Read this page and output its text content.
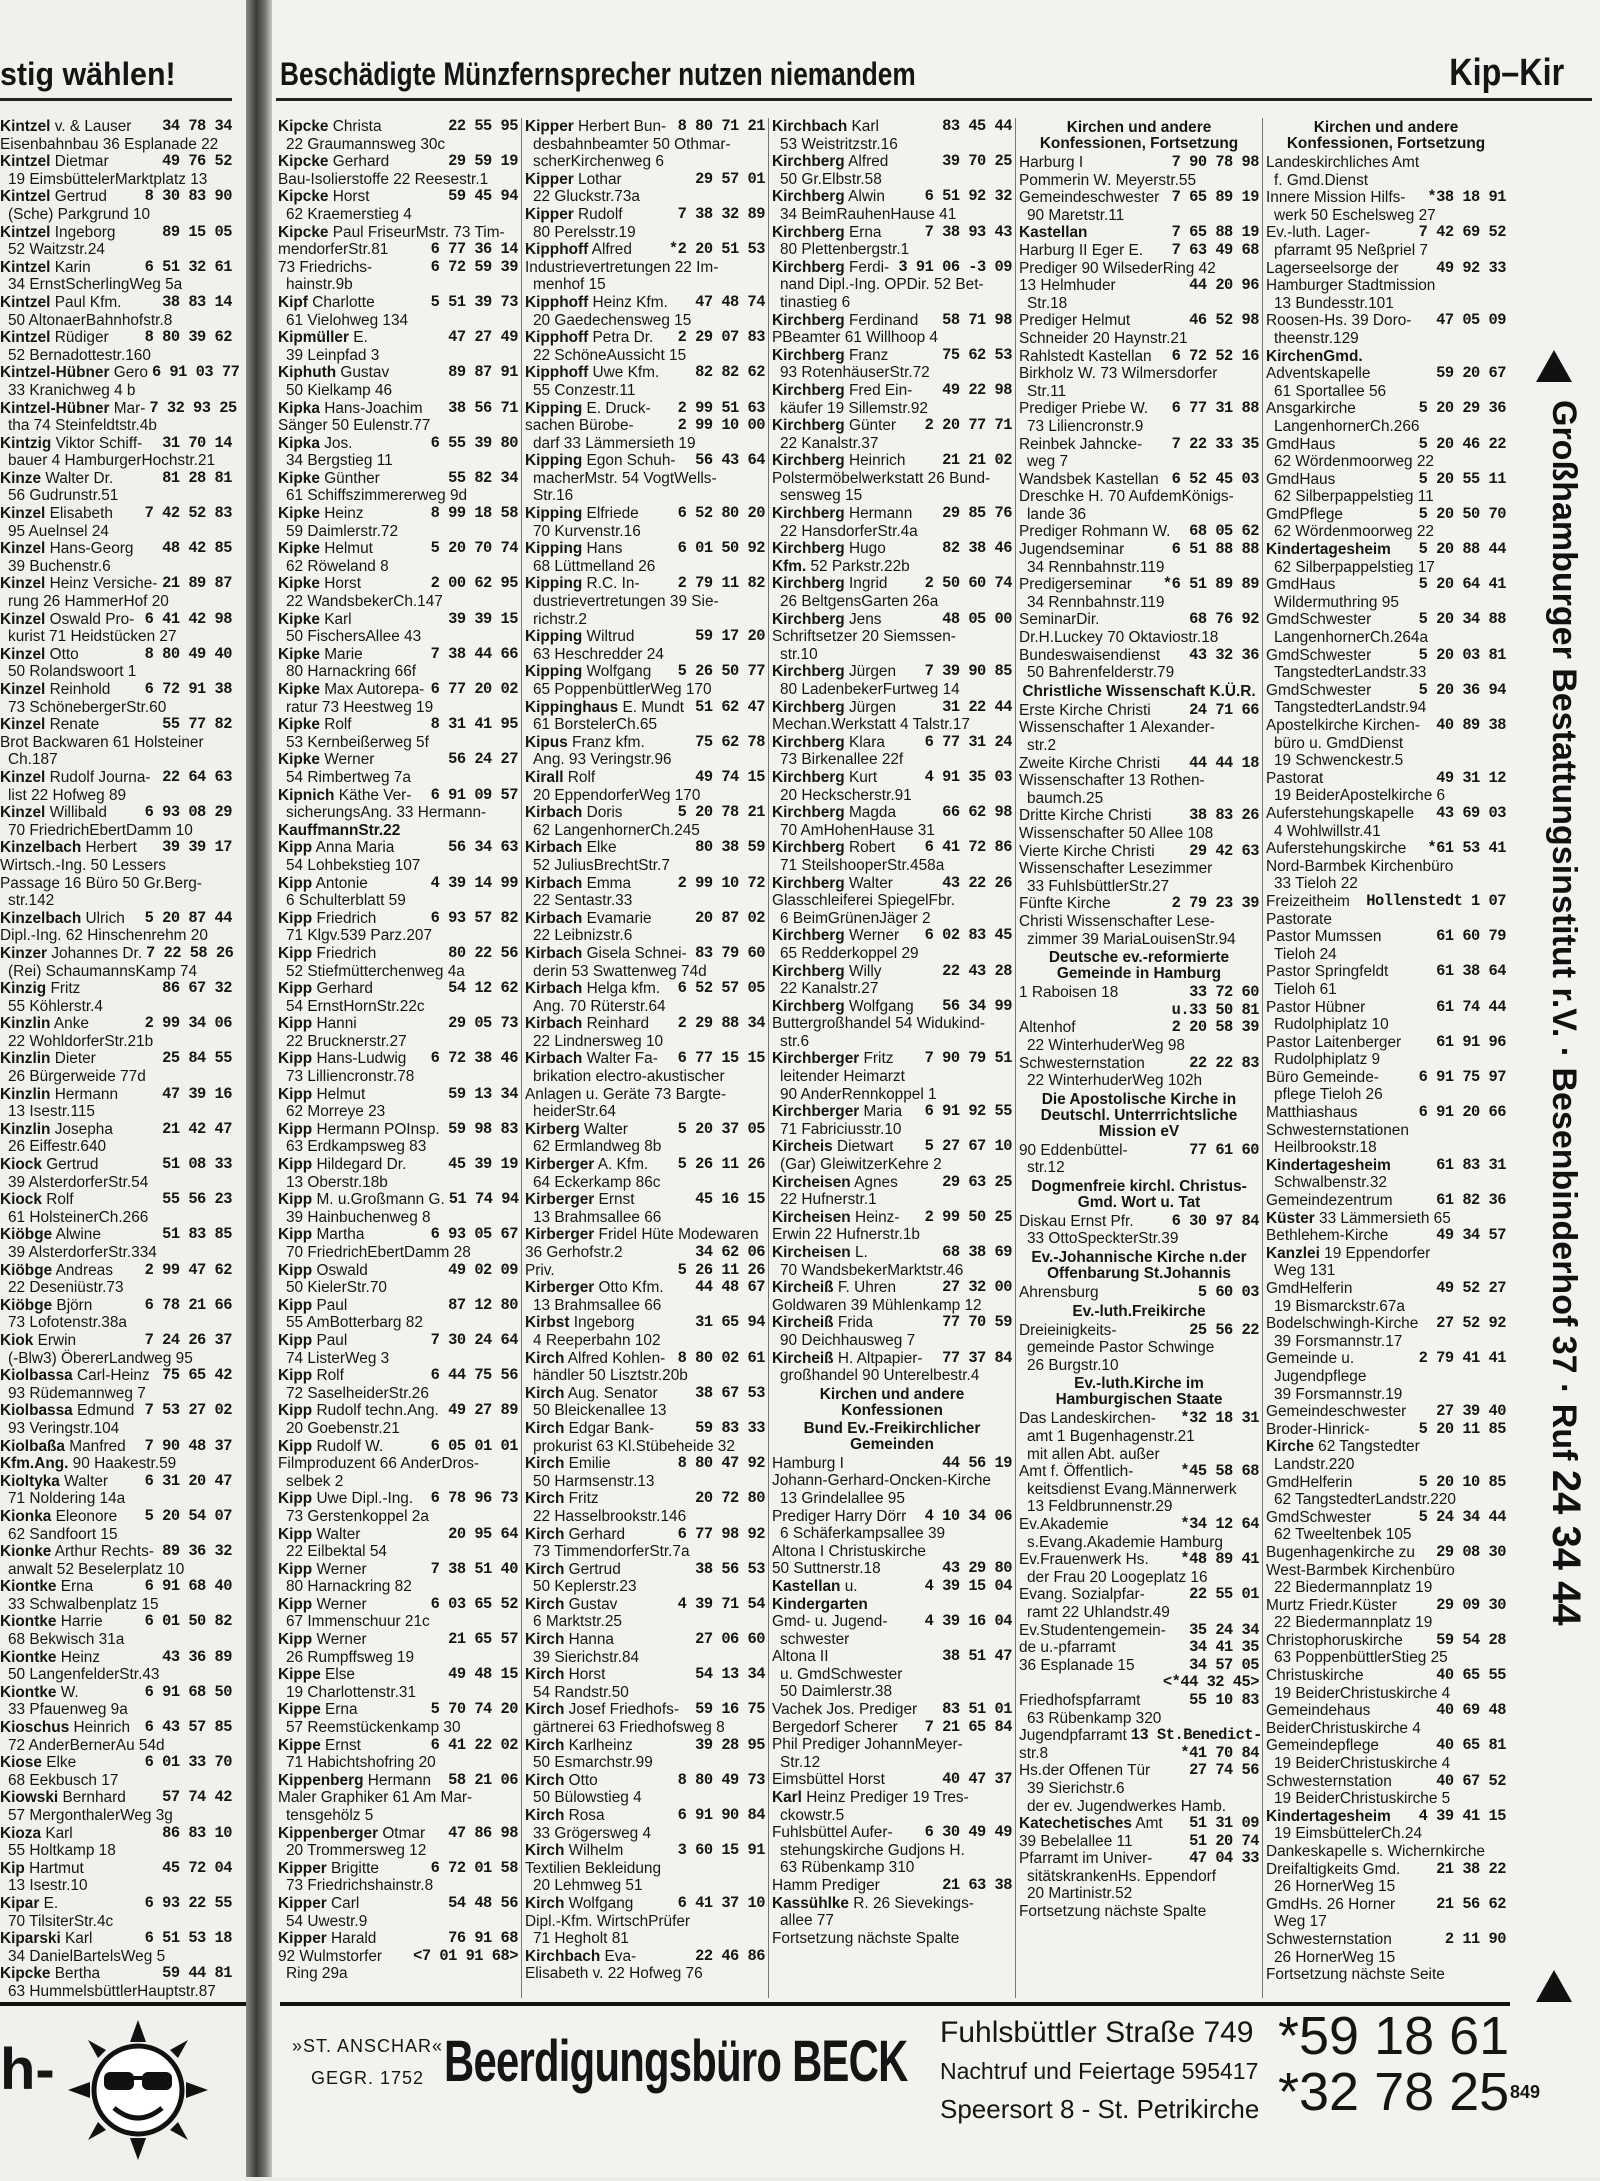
stig wählen!
Kintzel v. & Lauser 34 78 34
Eisenbahnbau 36 Esplanade 22
Kintzel Dietmar	49 76 52
19 EimsbüttelerMarktplatz 13
Kintzel Gertrud 8 30 83 90
(Sche) Parkgrund 10
Kintzel Ingeborg	89 15 05
52 Waitzstr.24
Kintzel Karin	6 51 32 61
34 ErnstScherlingWeg 5a
Kintzel Paul Kfm.	38 83 14
50 AltonaerBahnhofstr.8
Kintzel Rüdiger 8 80 39 62
52 Bernadottestr.160
Kintzel-Hübner Gero 6 91 03 77
33 Kranichweg 4 b
Kintzel-Hübner Mar- 7 32 93 25
tha 74 Steinfeldtstr.4b
Kintzig Viktor Schiff- 31 70 14
bauer 4 HamburgerHochstr.21
Kinze Walter Dr.	81 28 81
56 Gudrunstr.51
Kinzel Elisabeth 7 42 52 83
95 Auelnsel 24
Kinzel Hans-Georg 48 42 85
39 Buchenstr.6
Kinzel Heinz Versiche- 21 89 87
rung 26 HammerHof 20
Kinzel Oswald Pro- 6 41 42 98
kurist 71 Heidstücken 27
Kinzel Otto	8 80 49 40
50 Rolandswoort 1
Kinzel Reinhold 6 72 91 38
73 SchönebergerStr.60
Kinzel Renate	55 77 82
Brot Backwaren 61 Holsteiner
Ch.187
Kinzel Rudolf Journa- 22 64 63
list 22 Hofweg 89
Kinzel Willibald 6 93 08 29
70 FriedrichEbertDamm 10
Kinzelbach Herbert 39 39 17
Wirtsch.-Ing. 50 Lessers
Passage 16 Büro 50 Gr.Berg-
str.142
Kinzelbach Ulrich 5 20 87 44
Dipl.-Ing. 62 Hinschenrehm 20
Kinzer Johannes Dr. 7 22 58 26
(Rei) SchaumannsKamp 74
Kinzig Fritz	86 67 32
55 Köhlerstr.4
Kinzlin Anke	2 99 34 06
22 WohldorferStr.21b
Kinzlin Dieter	25 84 55
26 Bürgerweide 77d
Kinzlin Hermann	47 39 16
13 Isestr.115
Kinzlin Josepha	21 42 47
26 Eiffestr.640
Kiock Gertrud	51 08 33
39 AlsterdorferStr.54
Kiock Rolf	55 56 23
61 HolsteinerCh.266
Kiöbge Alwine	51 83 85
39 AlsterdorferStr.334
Kiöbge Andreas 2 99 47 62
22 Deseniüstr.73
Kiöbge Björn	6 78 21 66
73 Lofotenstr.38a
Kiok Erwin	7 24 26 37
(-Blw3) ÖbererLandweg 95
Kiolbassa Carl-Heinz 75 65 42
93 Rüdemannweg 7
Kiolbassa Edmund 7 53 27 02
93 Veringstr.104
Kiolbaßa Manfred 7 90 48 37
Kfm.Ang. 90 Haakestr.59
Kioltyka Walter 6 31 20 47
71 Noldering 14a
Kionka Eleonore 5 20 54 07
62 Sandfoort 15
Kionke Arthur Rechts- 89 36 32
anwalt 52 Beselerplatz 10
Kiontke Erna	6 91 68 40
33 Schwalbenplatz 15
Kiontke Harrie	6 01 50 82
68 Bekwisch 31a
Kiontke Heinz	43 36 89
50 LangenfelderStr.43
Kiontke W.	6 91 68 50
33 Pfauenweg 9a
Kioschus Heinrich 6 43 57 85
72 AnderBernerAu 54d
Kiose Elke	6 01 33 70
68 Eekbusch 17
Kiowski Bernhard 57 74 42
57 MergonthalerWeg 3g
Kioza Karl	86 83 10
55 Holtkamp 18
Kip Hartmut	45 72 04
13 Isestr.10
Kipar E.	6 93 22 55
70 TilsiterStr.4c
Kiparski Karl	6 51 53 18
34 DanielBartelsWeg 5
Kipcke Bertha	59 44 81
63 HummelsbüttlerHauptstr.87
h-
Beschädigte Münzfernsprecher nutzen niemandem	Kip–Kir
Kipcke Christa	22 55 95
22 Graumannsweg 30c
Kipcke Gerhard	29 59 19
Bau-Isolierstoffe 22 Reesestr.1
Kipcke Horst	59 45 94
62 Kraemerstieg 4
Kipcke Paul FriseurMstr. 73 Tim-
mendorferStr.81	6 77 36 14
73 Friedrichs-	6 72 59 39
hainstr.9b
Kipf Charlotte	5 51 39 73
61 Vielohweg 134
Kipmüller E.	47 27 49
39 Leinpfad 3
Kiphuth Gustav	89 87 91
50 Kielkamp 46
Kipka Hans-Joachim 38 56 71
Sänger 50 Eulenstr.77
Kipka Jos.	6 55 39 80
34 Bergstieg 11
Kipke Günther	55 82 34
61 Schiffszimmererweg 9d
Kipke Heinz	8 99 18 58
59 Daimlerstr.72
Kipke Helmut	5 20 70 74
62 Röweland 8
Kipke Horst	2 00 62 95
22 WandsbekerCh.147
Kipke Karl	39 39 15
50 FischersAllee 43
Kipke Marie	7 38 44 66
80 Harnackring 66f
Kipke Max Autorepa- 6 77 20 02
ratur 73 Heestweg 19
Kipke Rolf	8 31 41 95
53 Kernbeißerweg 5f
Kipke Werner	56 24 27
54 Rimbertweg 7a
Kipnich Käthe Ver- 6 91 09 57
sicherungsAng. 33 Hermann-
KauffmannStr.22
Kipp Anna Maria	56 34 63
54 Lohbekstieg 107
Kipp Antonie	4 39 14 99
6 Schulterblatt 59
Kipp Friedrich	6 93 57 82
71 Klgv.539 Parz.207
Kipp Friedrich	80 22 56
52 Stiefmütterchenweg 4a
Kipp Gerhard	54 12 62
54 ErnstHornStr.22c
Kipp Hanni	29 05 73
22 Brucknerstr.27
Kipp Hans-Ludwig 6 72 38 46
73 Lilliencronstr.78
Kipp Helmut	59 13 34
62 Morreye 23
Kipp Hermann POInsp. 59 98 83
63 Erdkampsweg 83
Kipp Hildegard Dr.	45 39 19
13 Oberstr.18b
Kipp M. u.Großmann G. 51 74 94
39 Hainbuchenweg 8
Kipp Martha	6 93 05 67
70 FriedrichEbertDamm 28
Kipp Oswald	49 02 09
50 KielerStr.70
Kipp Paul	87 12 80
55 AmBotterbarg 82
Kipp Paul	7 30 24 64
74 ListerWeg 3
Kipp Rolf	6 44 75 56
72 SaselheiderStr.26
Kipp Rudolf techn.Ang. 49 27 89
20 Goebenstr.21
Kipp Rudolf W.	6 05 01 01
Filmproduzent 66 AnderDros-
selbek 2
Kipp Uwe Dipl.-Ing. 6 78 96 73
73 Gerstenkoppel 2a
Kipp Walter	20 95 64
22 Eilbektal 54
Kipp Werner	7 38 51 40
80 Harnackring 82
Kipp Werner	6 03 65 52
67 Immenschuur 21c
Kipp Werner	21 65 57
26 Rumpffsweg 19
Kippe Else	49 48 15
19 Charlottenstr.31
Kippe Erna	5 70 74 20
57 Reemstückenkamp 30
Kippe Ernst	6 41 22 02
71 Habichtshofring 20
Kippenberg Hermann 58 21 06
Maler Graphiker 61 Am Mar-
tensgehölz 5
Kippenberger Otmar 47 86 98
20 Trommersweg 12
Kipper Brigitte	6 72 01 58
73 Friedrichshainstr.8
Kipper Carl	54 48 56
54 Uwestr.9
Kipper Harald	76 91 68
92 Wulmstorfer <7 01 91 68>
Ring 29a
Kipper Herbert Bun- 8 80 71 21
desbahnbeamter 50 Othmar-
scherKirchenweg 6
Kipper Lothar	29 57 01
22 Gluckstr.73a
Kipper Rudolf	7 38 32 89
80 Perelsstr.19
Kipphoff Alfred *2 20 51 53
Industrievertretungen 22 Im-
menhof 15
Kipphoff Heinz Kfm. 47 48 74
20 Gaedechensweg 15
Kipphoff Petra Dr. 2 29 07 83
22 SchöneAussicht 15
Kipphoff Uwe Kfm. 82 82 62
55 Conzestr.11
Kipping E. Druck- 2 99 51 63
sachen Bürobe-	2 99 10 00
darf 33 Lämmersieth 19
Kipping Egon Schuh- 56 43 64
macherMstr. 54 VogtWells-
Str.16
Kipping Elfriede	6 52 80 20
70 Kurvenstr.16
Kipping Hans	6 01 50 92
68 Lüttmelland 26
Kipping R.C. In- 2 79 11 82
dustrievertretungen 39 Sie-
richstr.2
Kipping Wiltrud	59 17 20
63 Heschredder 24
Kipping Wolfgang 5 26 50 77
65 PoppenbüttlerWeg 170
Kippinghaus E. Mundt 51 62 47
61 BorstelerCh.65
Kipus Franz kfm.	75 62 78
Ang. 93 Veringstr.96
Kirall Rolf	49 74 15
20 EppendorferWeg 170
Kirbach Doris	5 20 78 21
62 LangenhornerCh.245
Kirbach Elke	80 38 59
52 JuliusBrechtStr.7
Kirbach Emma	2 99 10 72
22 Sentastr.33
Kirbach Evamarie	20 87 02
22 Leibnizstr.6
Kirbach Gisela Schnei- 83 79 60
derin 53 Swattenweg 74d
Kirbach Helga kfm. 6 52 57 05
Ang. 70 Rüterstr.64
Kirbach Reinhard 2 29 88 34
22 Lindnersweg 10
Kirbach Walter Fa- 6 77 15 15
brikation electro-akustischer
Anlagen u. Geräte 73 Bargte-
heiderStr.64
Kirberg Walter	5 20 37 05
62 Ermlandweg 8b
Kirberger A. Kfm. 5 26 11 26
64 Eckerkamp 86c
Kirberger Ernst	45 16 15
13 Brahmsallee 66
Kirberger Fridel Hüte Modewaren
36 Gerhofstr.2	34 62 06
Priv.	5 26 11 26
Kirberger Otto Kfm. 44 48 67
13 Brahmsallee 66
Kirbst Ingeborg	31 65 94
4 Reeperbahn 102
Kirch Alfred Kohlen- 8 80 02 61
händler 50 Lisztstr.20b
Kirch Aug. Senator 38 67 53
50 Bleickenallee 13
Kirch Edgar Bank-	59 83 33
prokurist 63 Kl.Stübeheide 32
Kirch Emilie	8 80 47 92
50 Harmsenstr.13
Kirch Fritz	20 72 80
22 Hasselbrookstr.146
Kirch Gerhard	6 77 98 92
73 TimmendorferStr.7a
Kirch Gertrud	38 56 53
50 Keplerstr.23
Kirch Gustav	4 39 71 54
6 Marktstr.25
Kirch Hanna	27 06 60
39 Sierichstr.84
Kirch Horst	54 13 34
54 Randstr.50
Kirch Josef Friedhofs- 59 16 75
gärtnerei 63 Friedhofsweg 8
Kirch Karlheinz	39 28 95
50 Esmarchstr.99
Kirch Otto	8 80 49 73
50 Bülowstieg 4
Kirch Rosa	6 91 90 84
33 Grögersweg 4
Kirch Wilhelm	3 60 15 91
Textilien Bekleidung
20 Lehmweg 51
Kirch Wolfgang	6 41 37 10
Dipl.-Kfm. WirtschPrüfer
71 Hegholt 81
Kirchbach Eva-	22 46 86
Elisabeth v. 22 Hofweg 76
Kirchbach Karl	83 45 44
53 Weistritzstr.16
Kirchberg Alfred	39 70 25
50 Gr.Elbstr.58
Kirchberg Alwin	6 51 92 32
34 BeimRauhenHause 41
Kirchberg Erna	7 38 93 43
80 Plettenbergstr.1
Kirchberg Ferdi- 3 91 06 -3 09
nand Dipl.-Ing. OPDir. 52 Bet-
tinastieg 6
Kirchberg Ferdinand 58 71 98
PBeamter 61 Willhoop 4
Kirchberg Franz	75 62 53
93 RotenhäuserStr.72
Kirchberg Fred Ein- 49 22 98
käufer 19 Sillemstr.92
Kirchberg Günter 2 20 77 71
22 Kanalstr.37
Kirchberg Heinrich 21 21 02
Polstermöbelwerkstatt 26 Bund-
sensweg 15
Kirchberg Hermann 29 85 76
22 HansdorferStr.4a
Kirchberg Hugo	82 38 46
Kfm. 52 Parkstr.22b
Kirchberg Ingrid 2 50 60 74
26 BeltgensGarten 26a
Kirchberg Jens	48 05 00
Schriftsetzer 20 Siemssen-
str.10
Kirchberg Jürgen 7 39 90 85
80 LadenbekerFurtweg 14
Kirchberg Jürgen	31 22 44
Mechan.Werkstatt 4 Talstr.17
Kirchberg Klara	6 77 31 24
73 Birkenallee 22f
Kirchberg Kurt	4 91 35 03
20 Heckscherstr.91
Kirchberg Magda	66 62 98
70 AmHohenHause 31
Kirchberg Robert 6 41 72 86
71 SteilshooperStr.458a
Kirchberg Walter	43 22 26
Glasschleiferei SpiegelFbr.
6 BeimGrünenJäger 2
Kirchberg Werner 6 02 83 45
65 Redderkoppel 29
Kirchberg Willy	22 43 28
22 Kanalstr.27
Kirchberg Wolfgang 56 34 99
Buttergroßhandel 54 Widukind-
str.6
Kirchberger Fritz 7 90 79 51
leitender Heimarzt
90 AnderRennkoppel 1
Kirchberger Maria 6 91 92 55
71 Fabriciusstr.10
Kircheis Dietwart 5 27 67 10
(Gar) GleiwitzerKehre 2
Kircheisen Agnes	29 63 25
22 Hufnerstr.1
Kircheisen Heinz- 2 99 50 25
Erwin 22 Hufnerstr.1b
Kircheisen L.	68 38 69
70 WandsbekerMarktstr.46
Kircheiß F. Uhren	27 32 00
Goldwaren 39 Mühlenkamp 12
Kircheiß Frida	77 70 59
90 Deichhausweg 7
Kircheiß H. Altpapier- 77 37 84
großhandel 90 Unterelbestr.4
Kirchen und andere Konfessionen
Bund Ev.-Freikirchlicher Gemeinden
Hamburg I	44 56 19
Johann-Gerhard-Oncken-Kirche
13 Grindelallee 95
Prediger Harry Dörr 4 10 34 06
6 Schäferkampsallee 39
Altona I Christuskirche
50 Suttnerstr.18	43 29 80
Kastellan u.	4 39 15 04
Kindergarten
Gmd- u. Jugend- 4 39 16 04
schwester
Altona II	38 51 47
u. GmdSchwester
50 Daimlerstr.38
Vachek Jos. Prediger 83 51 01
Bergedorf Scherer 7 21 65 84
Phil Prediger JohannMeyer-
Str.12
Eimsbüttel Horst	40 47 37
Karl Heinz Prediger 19 Tres-
ckowstr.5
Fuhlsbüttel Aufer- 6 30 49 49
stehungskirche Gudjons H.
63 Rübenkamp 310
Hamm Prediger	21 63 38
Kassühlke R. 26 Sievekings-
allee 77
Fortsetzung nächste Spalte
Kirchen und andere Konfessionen, Fortsetzung
Harburg I	7 90 78 98
Pommerin W. Meyerstr.55
Gemeindeschwester 7 65 89 19
90 Maretstr.11
Kastellan	7 65 88 19
Harburg II Eger E. 7 63 49 68
Prediger 90 WilsederRing 42
13 Helmhuder	44 20 96
Str.18
Prediger Helmut	46 52 98
Schneider 20 Haynstr.21
Rahlstedt Kastellan 6 72 52 16
Birkholz W. 73 Wilmersdorfer
Str.11
Prediger Priebe W. 6 77 31 88
73 Liliencronstr.9
Reinbek Jahncke- 7 22 33 35
weg 7
Wandsbek Kastellan 6 52 45 03
Dreschke H. 70 AufdemKönigs-
lande 36
Prediger Rohmann W. 68 05 62
Jugendseminar	6 51 88 88
34 Rennbahnstr.119
Predigerseminar *6 51 89 89
34 Rennbahnstr.119
SeminarDir.	68 76 92
Dr.H.Luckey 70 Oktaviostr.18
Bundeswaisendienst 43 32 36
50 Bahrenfelderstr.79
Christliche Wissenschaft K.Ü.R.
Erste Kirche Christi 24 71 66
Wissenschafter 1 Alexander-
str.2
Zweite Kirche Christi 44 44 18
Wissenschafter 13 Rothen-
baumch.25
Dritte Kirche Christi 38 83 26
Wissenschafter 50 Allee 108
Vierte Kirche Christi 29 42 63
Wissenschafter Lesezimmer
33 FuhlsbüttlerStr.27
Fünfte Kirche	2 79 23 39
Christi Wissenschafter Lese-
zimmer 39 MariaLouisenStr.94
Deutsche ev.-reformierte Gemeinde in Hamburg
1 Raboisen 18	33 72 60
u.33 50 81
Altenhof	2 20 58 39
22 WinterhuderWeg 98
Schwesternstation	22 22 83
22 WinterhuderWeg 102h
Die Apostolische Kirche in Deutschl. Unterrrichtsliche Mission eV
90 Eddenbüttel-	77 61 60
str.12
Dogmenfreie kirchl. Christus-Gmd. Wort u. Tat
Diskau Ernst Pfr. 6 30 97 84
33 OttoSpeckterStr.39
Ev.-Johannische Kirche n.der Offenbarung St.Johannis
Ahrensburg	5 60 03
Ev.-luth.Freikirche
Dreieinigkeits-	25 56 22
gemeinde Pastor Schwinge
26 Burgstr.10
Ev.-luth.Kirche im Hamburgischen Staate
Das Landeskirchen- *32 18 31
amt 1 Bugenhagenstr.21
mit allen Abt. außer
Amt f. Öffentlich-	*45 58 68
keitsdienst Evang.Männerwerk
13 Feldbrunnenstr.29
Ev.Akademie	*34 12 64
s.Evang.Akademie Hamburg
Ev.Frauenwerk Hs. *48 89 41
der Frau 20 Loogeplatz 16
Evang. Sozialpfar-	22 55 01
ramt 22 Uhlandstr.49
Ev.Studentengemein- 35 24 34
de u.-pfarramt	34 41 35
36 Esplanade 15	34 57 05
<*44 32 45>
Friedhofspfarramt	55 10 83
63 Rübenkamp 320
Jugendpfarramt 13 St.Benedict-
str.8	*41 70 84
Hs.der Offenen Tür	27 74 56
39 Sierichstr.6
der ev. Jugendwerkes Hamb.
Katechetisches Amt 51 31 09
39 Bebelallee 11	51 20 74
Pfarramt im Univer- 47 04 33
sitätskrankenHs. Eppendorf
20 Martinistr.52
Fortsetzung nächste Spalte
Kirchen und andere Konfessionen, Fortsetzung
Landeskirchliches Amt
f. Gmd.Dienst
Innere Mission Hilfs- *38 18 91
werk 50 Eschelsweg 27
Ev.-luth. Lager-	7 42 69 52
pfarramt 95 Neßpriel 7
Lagerseelsorge der 49 92 33
Hamburger Stadtmission
13 Bundesstr.101
Roosen-Hs. 39 Doro- 47 05 09
theenstr.129
KirchenGmd.
Adventskapelle	59 20 67
61 Sportallee 56
Ansgarkirche	5 20 29 36
LangenhornerCh.266
GmdHaus	5 20 46 22
62 Wördenmoorweg 22
GmdHaus	5 20 55 11
62 Silberpappelstieg 11
GmdPflege	5 20 50 70
62 Wördenmoorweg 22
Kindertagesheim 5 20 88 44
62 Silberpappelstieg 17
GmdHaus	5 20 64 41
Wildermuthring 95
GmdSchwester	5 20 34 88
LangenhornerCh.264a
GmdSchwester	5 20 03 81
TangstedterLandstr.33
GmdSchwester	5 20 36 94
TangstedterLandstr.94
Apostelkirche Kirchen- 40 89 38
büro u. GmdDienst
19 Schwenckestr.5
Pastorat	49 31 12
19 BeiderApostelkirche 6
Auferstehungskapelle 43 69 03
4 Wohlwillstr.41
Auferstehungskirche *61 53 41
Nord-Barmbek Kirchenbüro
33 Tieloh 22
Freizeitheim Hollenstedt 1 07
Pastorate
Pastor Mumssen	61 60 79
Tieloh 24
Pastor Springfeldt	61 38 64
Tieloh 61
Pastor Hübner	61 74 44
Rudolphiplatz 10
Pastor Laitenberger 61 91 96
Rudolphiplatz 9
Büro Gemeinde-	6 91 75 97
pflege Tieloh 26
Matthiashaus	6 91 20 66
Schwesternstationen
Heilbrookstr.18
Kindertagesheim	61 83 31
Schwalbenstr.32
Gemeindezentrum	61 82 36
Küster 33 Lämmersieth 65
Bethlehem-Kirche	49 34 57
Kanzlei 19 Eppendorfer
Weg 131
GmdHelferin	49 52 27
19 Bismarckstr.67a
Bodelschwingh-Kirche 27 52 92
39 Forsmannstr.17
Gemeinde u.	2 79 41 41
Jugendpflege
39 Forsmannstr.19
Gemeindeschwester 27 39 40
Broder-Hinrick-	5 20 11 85
Kirche 62 Tangstedter
Landstr.220
GmdHelferin	5 20 10 85
62 TangstedterLandstr.220
GmdSchwester	5 24 34 44
62 Tweeltenbek 105
Bugenhagenkirche zu 29 08 30
West-Barmbek Kirchenbüro
22 Biedermannplatz 19
Murtz Friedr.Küster	29 09 30
22 Biedermannplatz 19
Christophoruskirche 59 54 28
63 PoppenbüttlerStieg 25
Christuskirche	40 65 55
19 BeiderChristuskirche 4
Gemeindehaus	40 69 48
BeiderChristuskirche 4
Gemeindepflege	40 65 81
19 BeiderChristuskirche 4
Schwesternstation	40 67 52
19 BeiderChristuskirche 5
Kindertagesheim 4 39 41 15
19 EimsbüttelerCh.24
Dankeskapelle s. Wichernkirche
Dreifaltigkeits Gmd. 21 38 22
26 HornerWeg 15
GmdHs. 26 Horner	21 56 62
Weg 17
Schwesternstation	2 11 90
26 HornerWeg 15
Fortsetzung nächste Seite
Großhamburger Bestattungsinstitut r.V. · Besenbinderhof 37 · Ruf 24 34 44
»ST. ANSCHAR«
GEGR. 1752 Beerdigungsbüro BECK Fuhlsbüttler Straße 749
Nachtruf und Feiertage 595417
Speersort 8 - St. Petrikirche
*59 18 61
*32 78 25 849
